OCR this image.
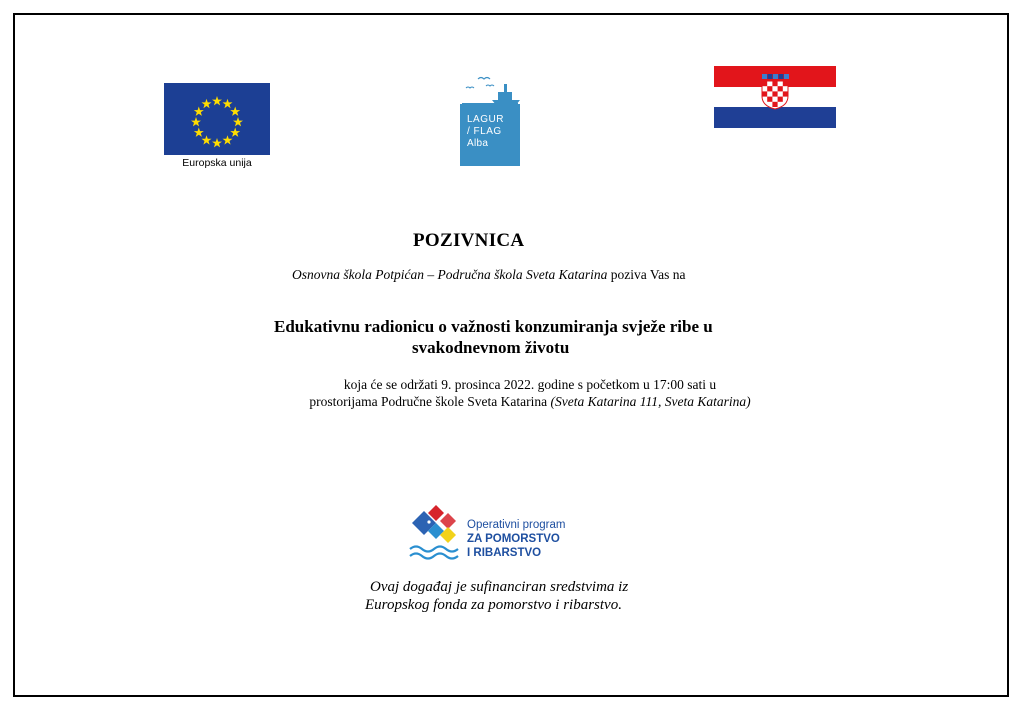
Europska unija
LAGUR
/ FLAG
Alba
POZIVNICA
Osnovna škola Potpićan – Područna škola Sveta Katarina poziva Vas na
Edukativnu radionicu o važnosti konzumiranja svježe ribe u
svakodnevnom životu
koja će se održati 9. prosinca 2022. godine s početkom u 17:00 sati u
prostorijama Područne škole Sveta Katarina (Sveta Katarina 111, Sveta Katarina)
Operativni program
ZA POMORSTVO
I RIBARSTVO
Ovaj događaj je sufinanciran sredstvima iz
Europskog fonda za pomorstvo i ribarstvo.
